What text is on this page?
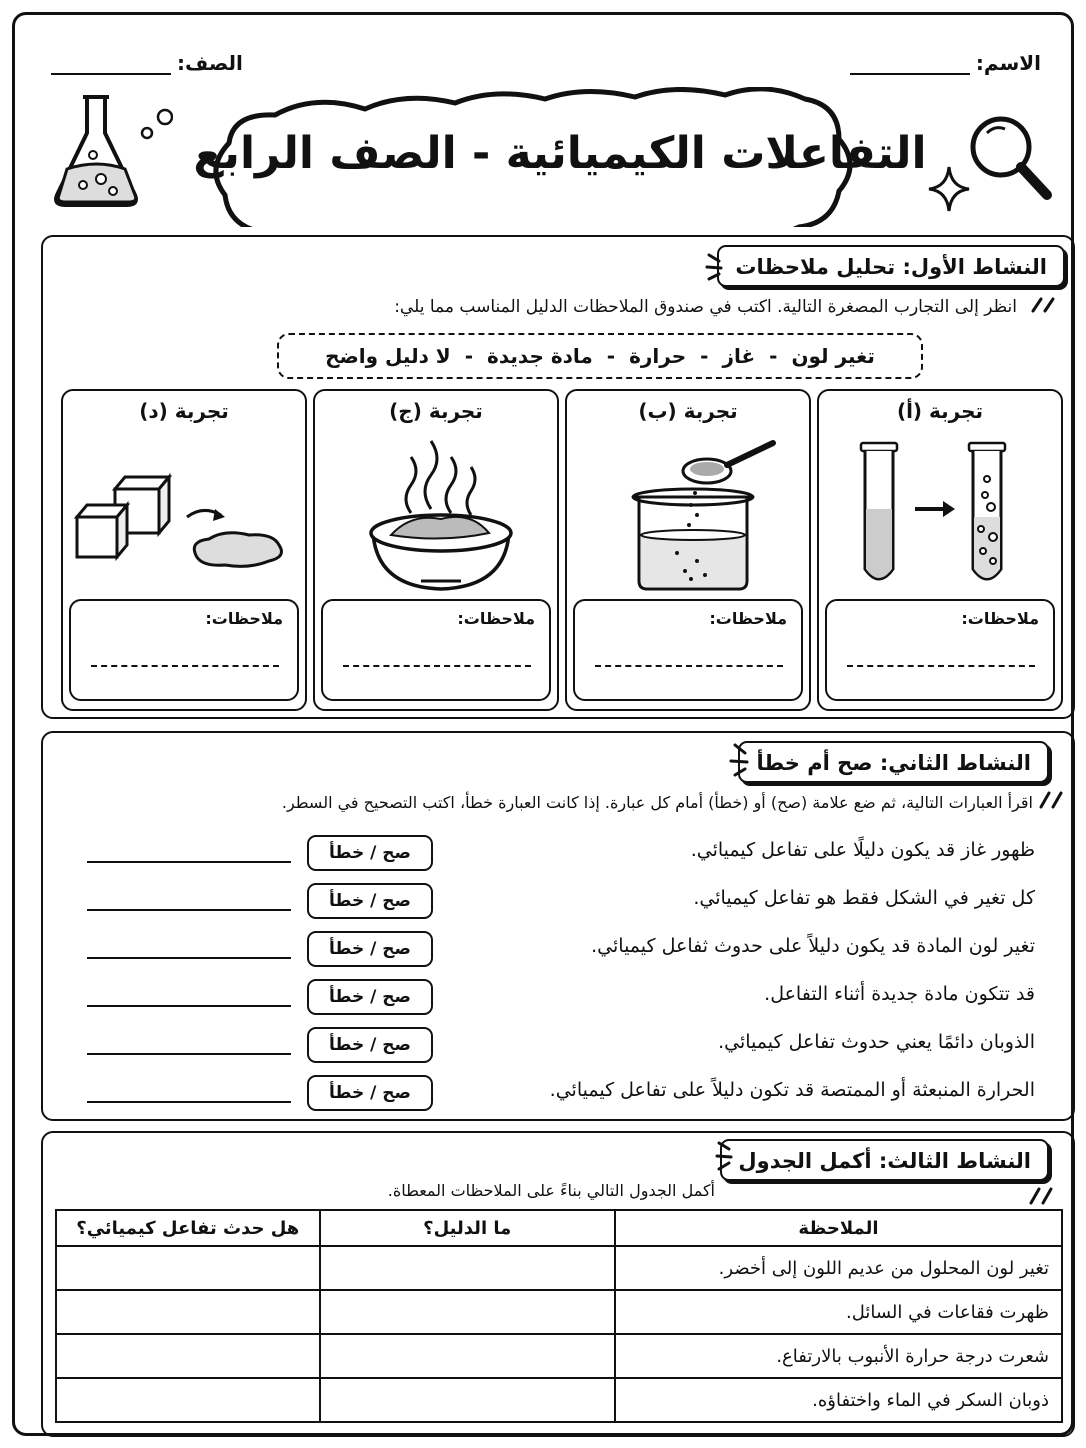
الاسم:
الصف:
التفاعلات الكيميائية - الصف الرابع
النشاط الأول: تحليل ملاحظات
انظر إلى التجارب المصغرة التالية. اكتب في صندوق الملاحظات الدليل المناسب مما يلي:
تغير لون
-
غاز
-
حرارة
-
مادة جديدة
-
لا دليل واضح
تجربة (أ)
ملاحظات:
تجربة (ب)
ملاحظات:
تجربة (ج)
ملاحظات:
تجربة (د)
ملاحظات:
النشاط الثاني: صح أم خطأ
اقرأ العبارات التالية، ثم ضع علامة (صح) أو (خطأ) أمام كل عبارة. إذا كانت العبارة خطأ، اكتب التصحيح في السطر.
ظهور غاز قد يكون دليلًا على تفاعل كيميائي.
صح / خطأ
كل تغير في الشكل فقط هو تفاعل كيميائي.
صح / خطأ
تغير لون المادة قد يكون دليلاً على حدوث ثفاعل كيميائي.
صح / خطأ
قد تتكون مادة جديدة أثناء التفاعل.
صح / خطأ
الذوبان دائمًا يعني حدوث تفاعل كيميائي.
صح / خطأ
الحرارة المنبعثة أو الممتصة قد تكون دليلاً على تفاعل كيميائي.
صح / خطأ
النشاط الثالث: أكمل الجدول
أكمل الجدول التالي بناءً على الملاحظات المعطاة.
الملاحظة	ما الدليل؟	هل حدث تفاعل كيميائي؟
تغير لون المحلول من عديم اللون إلى أخضر.		
ظهرت فقاعات في السائل.		
شعرت درجة حرارة الأنبوب بالارتفاع.		
ذوبان السكر في الماء واختفاؤه.		
